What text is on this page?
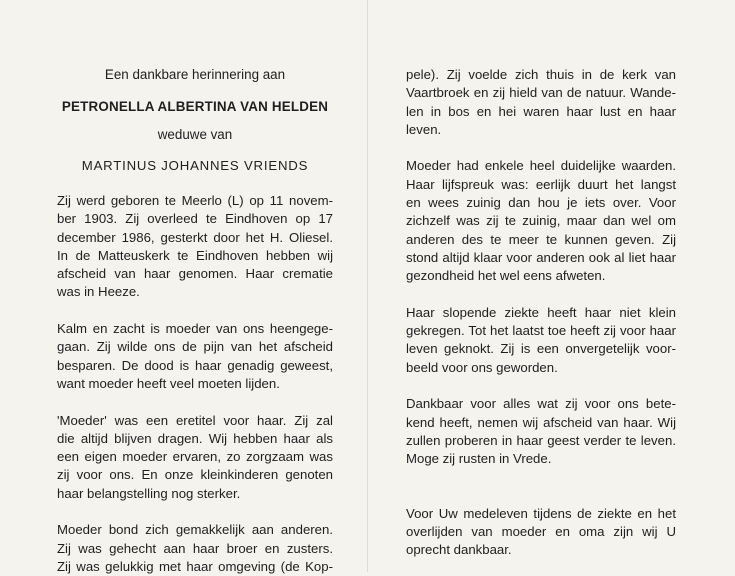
Een dankbare herinnering aan
PETRONELLA ALBERTINA VAN HELDEN
weduwe van
MARTINUS JOHANNES VRIENDS
Zij werd geboren te Meerlo (L) op 11 novem-
ber 1903. Zij overleed te Eindhoven op 17
december 1986, gesterkt door het H. Oliesel.
In de Matteuskerk te Eindhoven hebben wij
afscheid van haar genomen. Haar crematie
was in Heeze.
Kalm en zacht is moeder van ons heengege-
gaan. Zij wilde ons de pijn van het afscheid
besparen. De dood is haar genadig geweest,
want moeder heeft veel moeten lijden.
'Moeder' was een eretitel voor haar. Zij zal
die altijd blijven dragen. Wij hebben haar als
een eigen moeder ervaren, zo zorgzaam was
zij voor ons. En onze kleinkinderen genoten
haar belangstelling nog sterker.
Moeder bond zich gemakkelijk aan anderen.
Zij was gehecht aan haar broer en zusters.
Zij was gelukkig met haar omgeving (de Kop-
pele). Zij voelde zich thuis in de kerk van
Vaartbroek en zij hield van de natuur. Wande-
len in bos en hei waren haar lust en haar
leven.
Moeder had enkele heel duidelijke waarden.
Haar lijfspreuk was: eerlijk duurt het langst
en wees zuinig dan hou je iets over. Voor
zichzelf was zij te zuinig, maar dan wel om
anderen des te meer te kunnen geven. Zij
stond altijd klaar voor anderen ook al liet haar
gezondheid het wel eens afweten.
Haar slopende ziekte heeft haar niet klein
gekregen. Tot het laatst toe heeft zij voor haar
leven geknokt. Zij is een onvergetelijk voor-
beeld voor ons geworden.
Dankbaar voor alles wat zij voor ons bete-
kend heeft, nemen wij afscheid van haar. Wij
zullen proberen in haar geest verder te leven.
Moge zij rusten in Vrede.
Voor Uw medeleven tijdens de ziekte en het
overlijden van moeder en oma zijn wij U
oprecht dankbaar.
